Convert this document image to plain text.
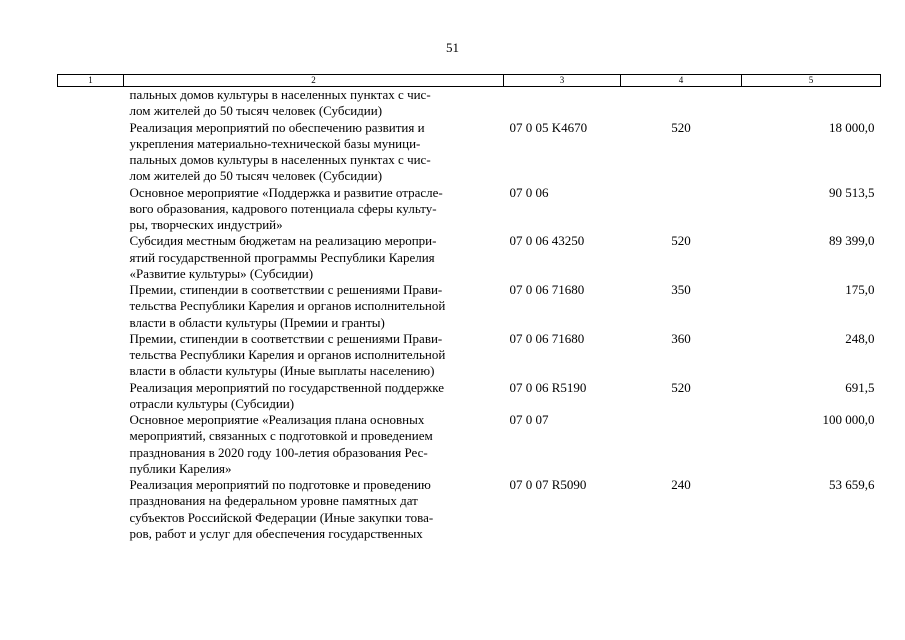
51
1	2	3	4	5

	пальных домов культуры в населенных пунктах с чис-
лом жителей до 50 тысяч человек (Субсидии)			

	Реализация мероприятий по обеспечению развития и
укрепления материально-технической базы муници-
пальных домов культуры в населенных пунктах с чис-
лом жителей до 50 тысяч человек (Субсидии)	07 0 05 K4670	520	18 000,0

	Основное мероприятие «Поддержка и развитие отрасле-
вого образования, кадрового потенциала сферы культу-
ры, творческих индустрий»	07 0 06		90 513,5

	Субсидия местным бюджетам на реализацию меропри-
ятий государственной программы Республики Карелия
«Развитие культуры» (Субсидии)	07 0 06 43250	520	89 399,0

	Премии, стипендии в соответствии с решениями Прави-
тельства Республики Карелия и органов исполнительной
власти в области культуры (Премии и гранты)	07 0 06 71680	350	175,0

	Премии, стипендии в соответствии с решениями Прави-
тельства Республики Карелия и органов исполнительной
власти в области культуры (Иные выплаты населению)	07 0 06 71680	360	248,0

	Реализация мероприятий по государственной поддержке
отрасли культуры (Субсидии)	07 0 06 R5190	520	691,5

	Основное мероприятие «Реализация плана основных
мероприятий, связанных с подготовкой и проведением
празднования в 2020 году 100-летия образования Рес-
публики Карелия»	07 0 07		100 000,0

	Реализация мероприятий по подготовке и проведению
празднования на федеральном уровне памятных дат
субъектов Российской Федерации (Иные закупки това-
ров, работ и услуг для обеспечения государственных	07 0 07 R5090	240	53 659,6
